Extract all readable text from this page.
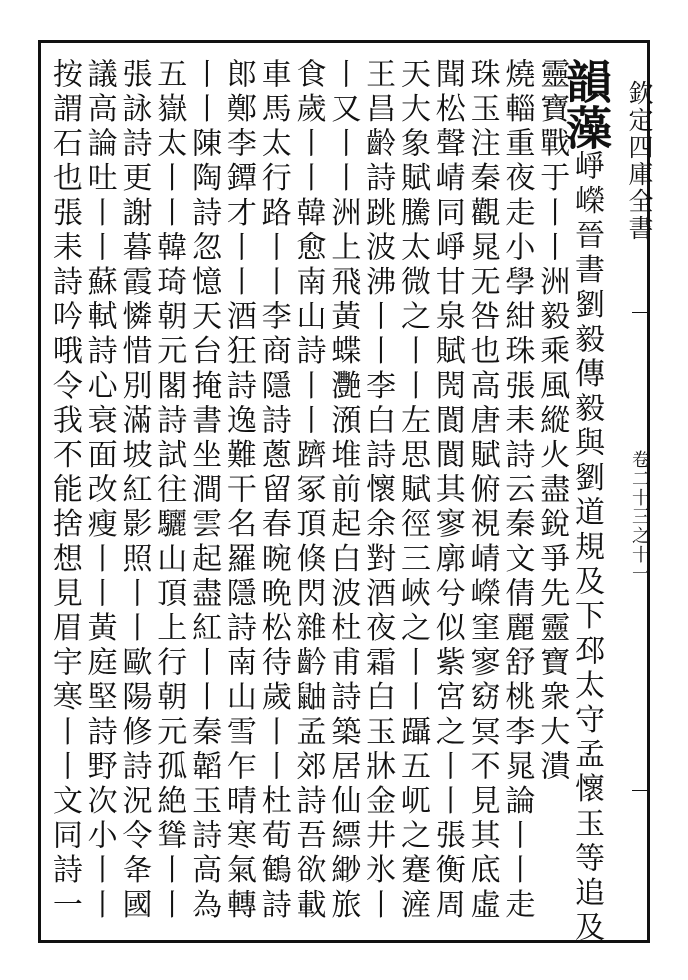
欽定四庫全書
卷二十三之十一
韻藻崢嶸晉書劉毅傳毅與劉道規及下邳太守孟懷玉等追及
靈寶戰于丨丨洲毅乘風縱火盡銳爭先靈寶衆大潰
燒輜重夜走小學紺珠張耒詩云秦文倩麗舒桃李晁論丨丨走
珠玉注秦觀晁无咎也高唐賦俯視崝嶸窐寥窈冥不見其底虛
聞松聲崝同崢甘泉賦閌閬閬其寥廓兮似紫宮之丨丨張衡周
天大象賦騰太微之丨丨左思賦徑三峽之丨丨躡五屼之蹇滻
王昌齡詩跳波沸丨丨李白詩懷余對酒夜霜白玉牀金井氷丨
丨又丨丨洲上飛黃蝶灧澦堆前起白波杜甫詩築居仙縹緲旅
食歲丨丨韓愈南山詩丨丨躋冢頂倏閃雜䶖鼬孟郊詩吾欲載
車馬太行路丨丨李商隱詩蔥留春晼晩松待歲丨丨杜荀鶴詩
郎鄭李鐔才丨丨酒狂詩逸難干名羅隱詩南山雪乍晴寒氣轉
丨丨陳陶詩忽憶天台掩書坐澗雲起盡紅丨丨秦韜玉詩高為
五嶽太丨丨韓琦朝元閣詩試往驪山頂上行朝元孤絶聳丨丨
張詠詩更謝暮霞憐惜別滿坡紅影照丨丨歐陽修詩況令夅國
議高論吐丨丨蘇軾詩心衰面改瘦丨丨黃庭堅詩野次小丨丨
按謂石也張耒詩吟哦令我不能捨想見眉宇寒丨丨文同詩一
